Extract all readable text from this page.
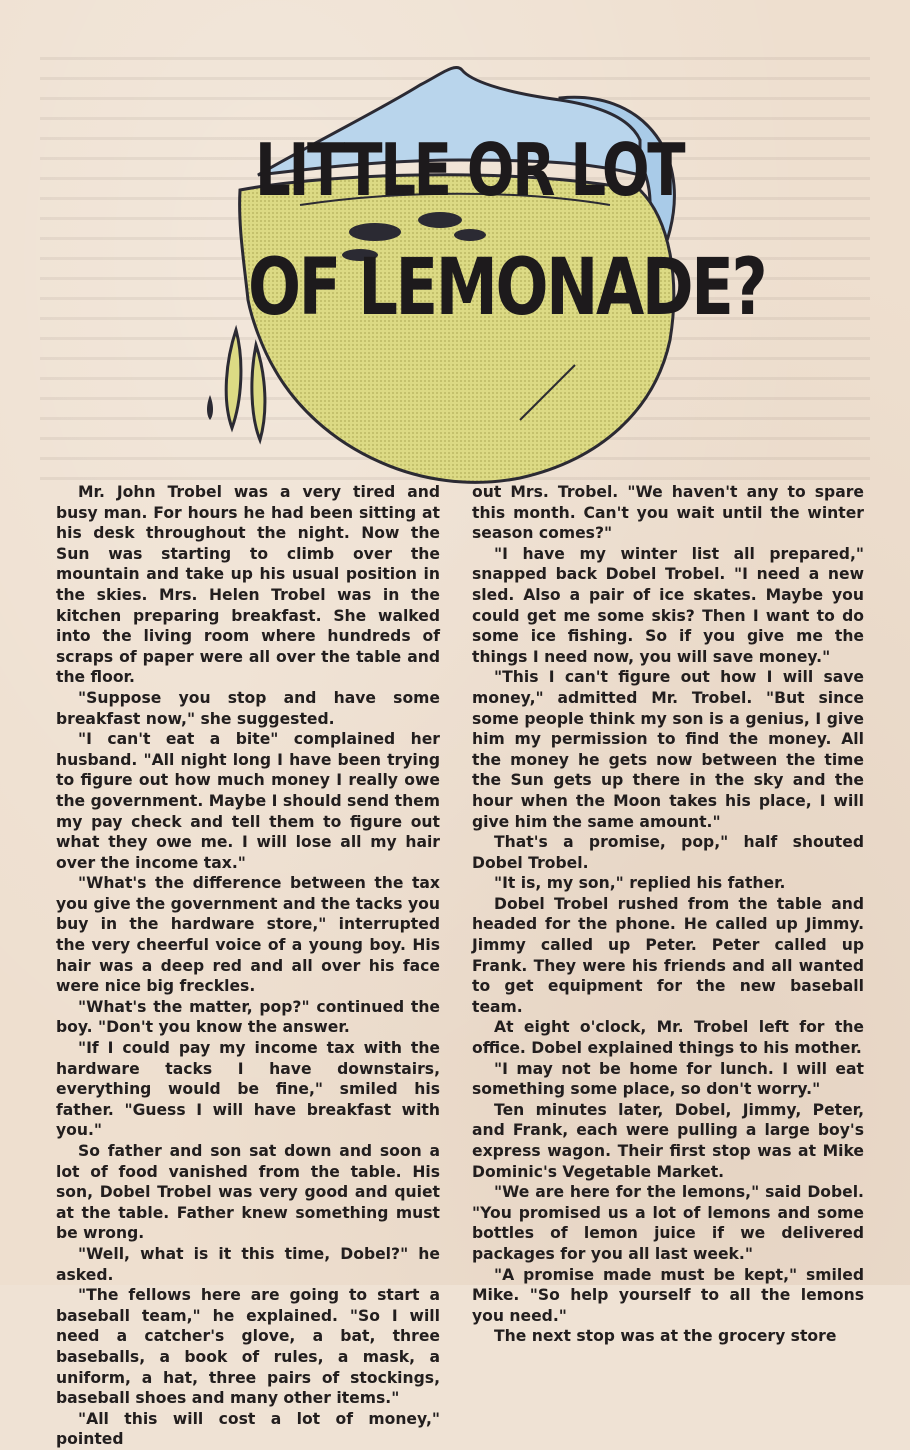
LITTLE OR LOT
OF LEMONADE?

Mr. John Trobel was a very tired and busy man. For hours he had been sitting at his desk throughout the night. Now the Sun was starting to climb over the mountain and take up his usual position in the skies. Mrs. Helen Trobel was in the kitchen preparing breakfast. She walked into the living room where hundreds of scraps of paper were all over the table and the floor.

"Suppose you stop and have some breakfast now," she suggested.

"I can't eat a bite" complained her husband. "All night long I have been trying to figure out how much money I really owe the government. Maybe I should send them my pay check and tell them to figure out what they owe me. I will lose all my hair over the income tax."

"What's the difference between the tax you give the government and the tacks you buy in the hardware store," interrupted the very cheerful voice of a young boy. His hair was a deep red and all over his face were nice big freckles.

"What's the matter, pop?" continued the boy. "Don't you know the answer.

"If I could pay my income tax with the hardware tacks I have downstairs, everything would be fine," smiled his father. "Guess I will have breakfast with you."

So father and son sat down and soon a lot of food vanished from the table. His son, Dobel Trobel was very good and quiet at the table. Father knew something must be wrong.

"Well, what is it this time, Dobel?" he asked.

"The fellows here are going to start a baseball team," he explained. "So I will need a catcher's glove, a bat, three baseballs, a book of rules, a mask, a uniform, a hat, three pairs of stockings, baseball shoes and many other items."

"All this will cost a lot of money," pointed

out Mrs. Trobel. "We haven't any to spare this month. Can't you wait until the winter season comes?"

"I have my winter list all prepared," snapped back Dobel Trobel. "I need a new sled. Also a pair of ice skates. Maybe you could get me some skis? Then I want to do some ice fishing. So if you give me the things I need now, you will save money."

"This I can't figure out how I will save money," admitted Mr. Trobel. "But since some people think my son is a genius, I give him my permission to find the money. All the money he gets now between the time the Sun gets up there in the sky and the hour when the Moon takes his place, I will give him the same amount."

That's a promise, pop," half shouted Dobel Trobel.

"It is, my son," replied his father.

Dobel Trobel rushed from the table and headed for the phone. He called up Jimmy. Jimmy called up Peter. Peter called up Frank. They were his friends and all wanted to get equipment for the new baseball team.

At eight o'clock, Mr. Trobel left for the office. Dobel explained things to his mother.

"I may not be home for lunch. I will eat something some place, so don't worry."

Ten minutes later, Dobel, Jimmy, Peter, and Frank, each were pulling a large boy's express wagon. Their first stop was at Mike Dominic's Vegetable Market.

"We are here for the lemons," said Dobel. "You promised us a lot of lemons and some bottles of lemon juice if we delivered packages for you all last week."

"A promise made must be kept," smiled Mike. "So help yourself to all the lemons you need."

The next stop was at the grocery store
